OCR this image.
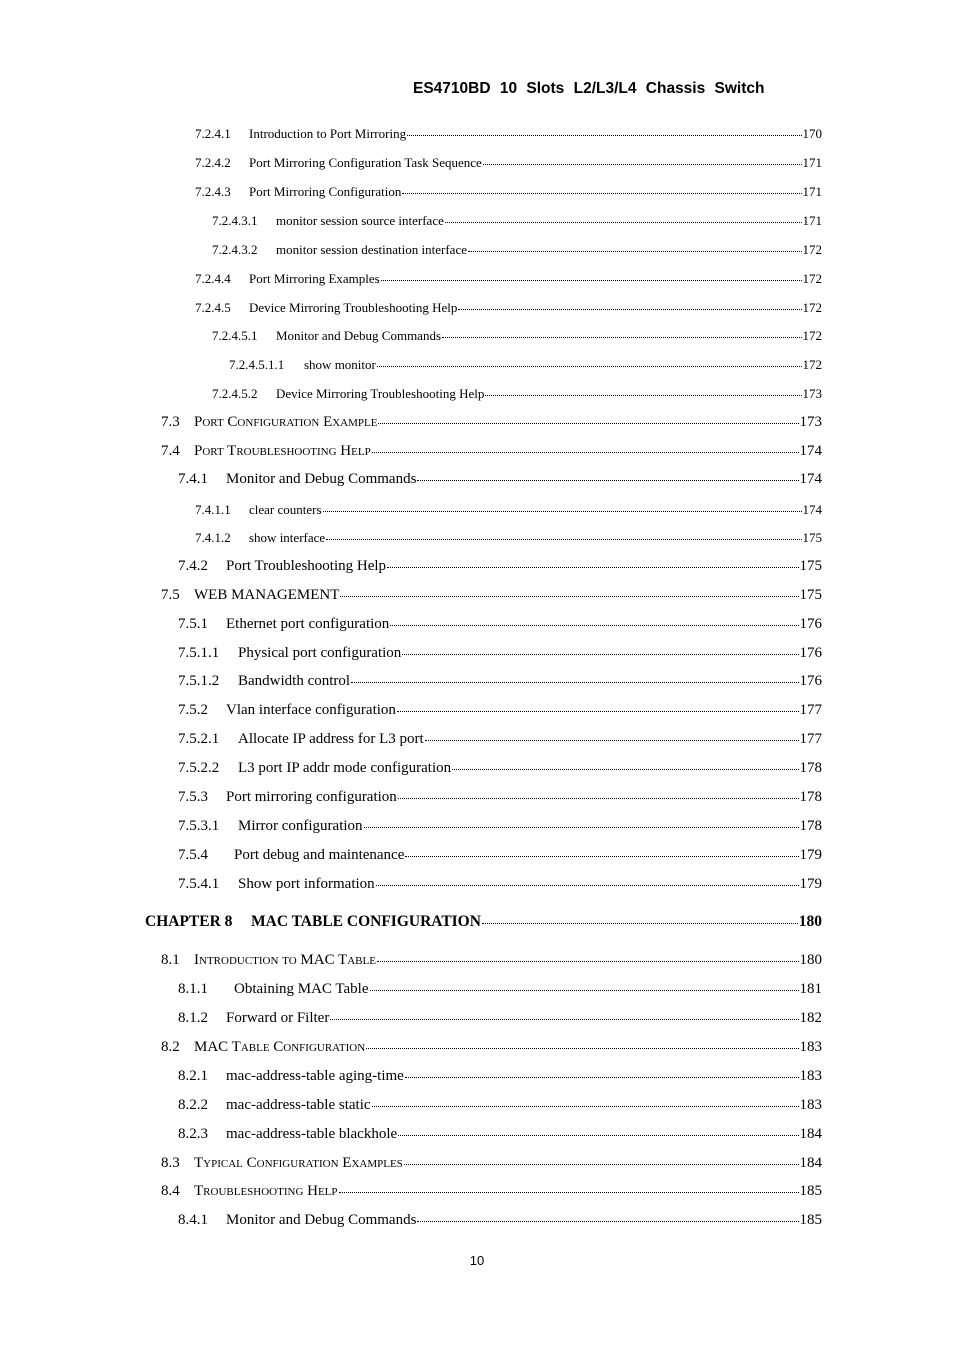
ES4710BD 10 Slots L2/L3/L4 Chassis Switch
7.2.4.1	Introduction to Port Mirroring	170
7.2.4.2	Port Mirroring Configuration Task Sequence	171
7.2.4.3	Port Mirroring Configuration	171
7.2.4.3.1	monitor session source interface	171
7.2.4.3.2	monitor session destination interface	172
7.2.4.4	Port Mirroring Examples	172
7.2.4.5	Device Mirroring Troubleshooting Help	172
7.2.4.5.1	Monitor and Debug Commands	172
7.2.4.5.1.1	show monitor	172
7.2.4.5.2	Device Mirroring Troubleshooting Help	173
7.3 Port Configuration Example	173
7.4 Port Troubleshooting Help	174
7.4.1	Monitor and Debug Commands	174
7.4.1.1	clear counters	174
7.4.1.2	show interface	175
7.4.2	Port Troubleshooting Help	175
7.5 WEB MANAGEMENT	175
7.5.1	Ethernet port configuration	176
7.5.1.1	Physical port configuration	176
7.5.1.2	Bandwidth control	176
7.5.2	Vlan interface configuration	177
7.5.2.1	Allocate IP address for L3 port	177
7.5.2.2	L3 port IP addr mode configuration	178
7.5.3	Port mirroring configuration	178
7.5.3.1	Mirror configuration	178
7.5.4	Port debug and maintenance	179
7.5.4.1	Show port information	179
CHAPTER 8	MAC TABLE CONFIGURATION	180
8.1 Introduction to MAC Table	180
8.1.1	Obtaining MAC Table	181
8.1.2	Forward or Filter	182
8.2 MAC Table Configuration	183
8.2.1	mac-address-table aging-time	183
8.2.2	mac-address-table static	183
8.2.3	mac-address-table blackhole	184
8.3 Typical Configuration Examples	184
8.4 Troubleshooting Help	185
8.4.1	Monitor and Debug Commands	185
10
